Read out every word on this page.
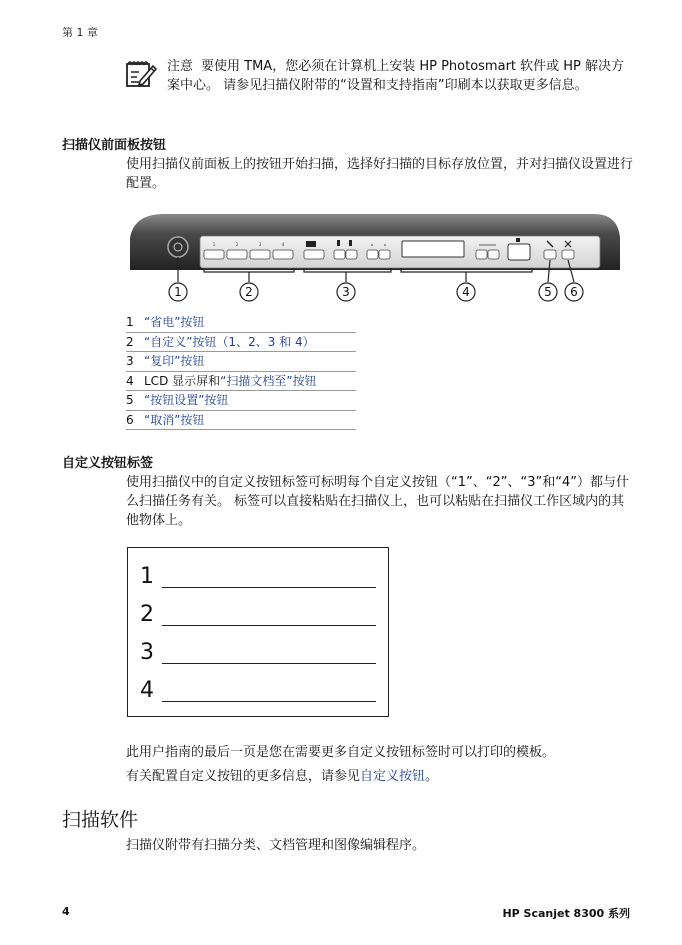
第 1 章
注意 要使用 TMA，您必须在计算机上安装 HP Photosmart 软件或 HP 解决方案中心。 请参见扫描仪附带的“设置和支持指南”印刷本以获取更多信息。
扫描仪前面板按钮
使用扫描仪前面板上的按钮开始扫描，选择好扫描的目标存放位置，并对扫描仪设置进行配置。
1	2	3	4
1	2	3	4	5 6
1 “省电”按钮
2 “自定义”按钮（1、2、3 和 4）
3 “复印”按钮
4 LCD 显示屏和“扫描文档至”按钮
5 “按钮设置”按钮
6 “取消”按钮
自定义按钮标签
使用扫描仪中的自定义按钮标签可标明每个自定义按钮（“1”、“2”、“3”和“4”）都与什么扫描任务有关。 标签可以直接粘贴在扫描仪上，也可以粘贴在扫描仪工作区域内的其他物体上。
1
2
3
4
此用户指南的最后一页是您在需要更多自定义按钮标签时可以打印的模板。
有关配置自定义按钮的更多信息，请参见自定义按钮。
扫描软件
扫描仪附带有扫描分类、文档管理和图像编辑程序。
4	HP Scanjet 8300 系列
